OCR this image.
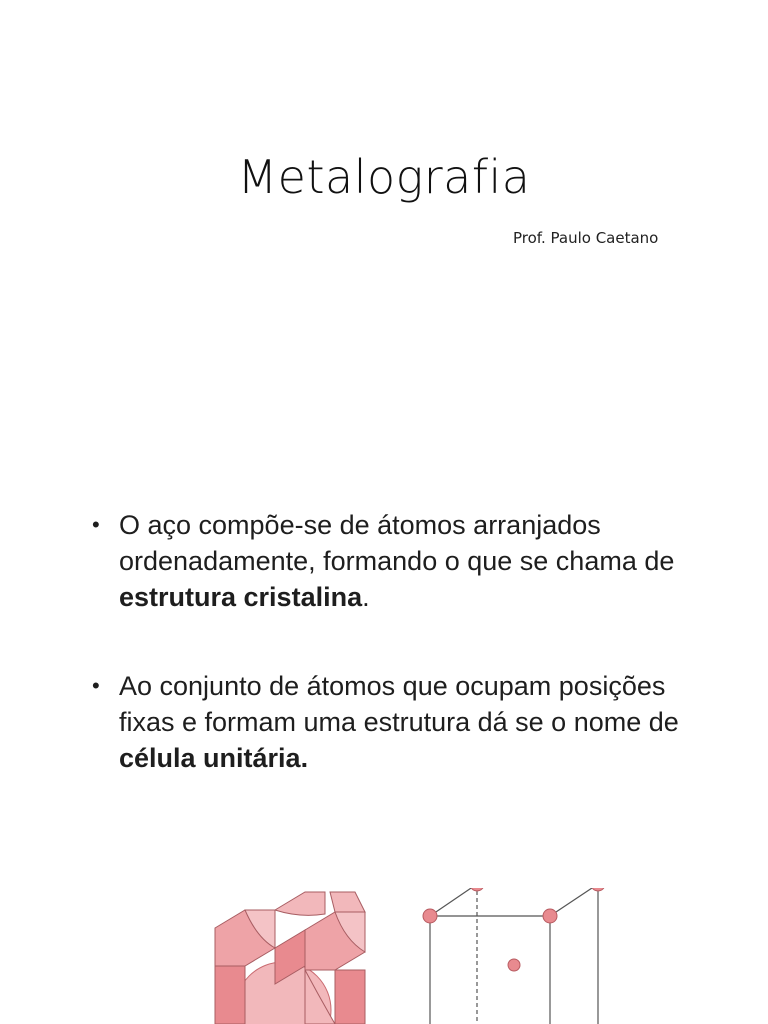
Metalografia
Prof. Paulo Caetano
• O aço compõe-se de átomos arranjados ordenadamente, formando o que se chama de estrutura cristalina.
• Ao conjunto de átomos que ocupam posições fixas e formam uma estrutura dá se o nome de célula unitária.
